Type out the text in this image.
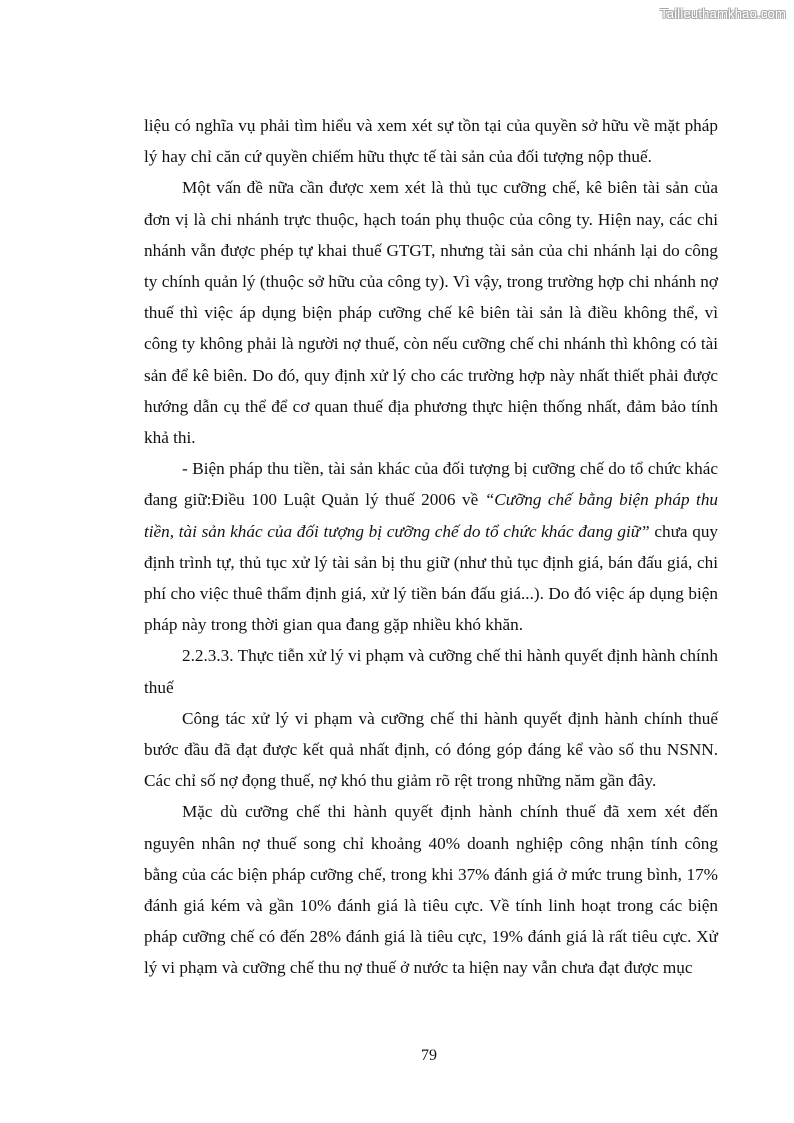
Tailieuthamkhao.com

liệu có nghĩa vụ phải tìm hiểu và xem xét sự tồn tại của quyền sở hữu về mặt pháp lý hay chỉ căn cứ quyền chiếm hữu thực tế tài sản của đối tượng nộp thuế.

Một vấn đề nữa cần được xem xét là thủ tục cưỡng chế, kê biên tài sản của đơn vị là chi nhánh trực thuộc, hạch toán phụ thuộc của công ty. Hiện nay, các chi nhánh vẫn được phép tự khai thuế GTGT, nhưng tài sản của chi nhánh lại do công ty chính quản lý (thuộc sở hữu của công ty). Vì vậy, trong trường hợp chi nhánh nợ thuế thì việc áp dụng biện pháp cưỡng chế kê biên tài sản là điều không thể, vì công ty không phải là người nợ thuế, còn nếu cưỡng chế chi nhánh thì không có tài sản để kê biên. Do đó, quy định xử lý cho các trường hợp này nhất thiết phải được hướng dẫn cụ thể để cơ quan thuế địa phương thực hiện thống nhất, đảm bảo tính khả thi.

- Biện pháp thu tiền, tài sản khác của đối tượng bị cưỡng chế do tổ chức khác đang giữ:Điều 100 Luật Quản lý thuế 2006 về “Cưỡng chế bằng biện pháp thu tiền, tài sản khác của đối tượng bị cưỡng chế do tổ chức khác đang giữ” chưa quy định trình tự, thủ tục xử lý tài sản bị thu giữ (như thủ tục định giá, bán đấu giá, chi phí cho việc thuê thẩm định giá, xử lý tiền bán đấu giá...). Do đó việc áp dụng biện pháp này trong thời gian qua đang gặp nhiều khó khăn.

2.2.3.3. Thực tiễn xử lý vi phạm và cưỡng chế thi hành quyết định hành chính thuế

Công tác xử lý vi phạm và cưỡng chế thi hành quyết định hành chính thuế bước đầu đã đạt được kết quả nhất định, có đóng góp đáng kể vào số thu NSNN. Các chỉ số nợ đọng thuế, nợ khó thu giảm rõ rệt trong những năm gần đây.

Mặc dù cưỡng chế thi hành quyết định hành chính thuế đã xem xét đến nguyên nhân nợ thuế song chỉ khoảng 40% doanh nghiệp công nhận tính công bằng của các biện pháp cưỡng chế, trong khi 37% đánh giá ở mức trung bình, 17% đánh giá kém và gần 10% đánh giá là tiêu cực. Về tính linh hoạt trong các biện pháp cưỡng chế có đến 28% đánh giá là tiêu cực, 19% đánh giá là rất tiêu cực. Xử lý vi phạm và cưỡng chế thu nợ thuế ở nước ta hiện nay vẫn chưa đạt được mục

79
